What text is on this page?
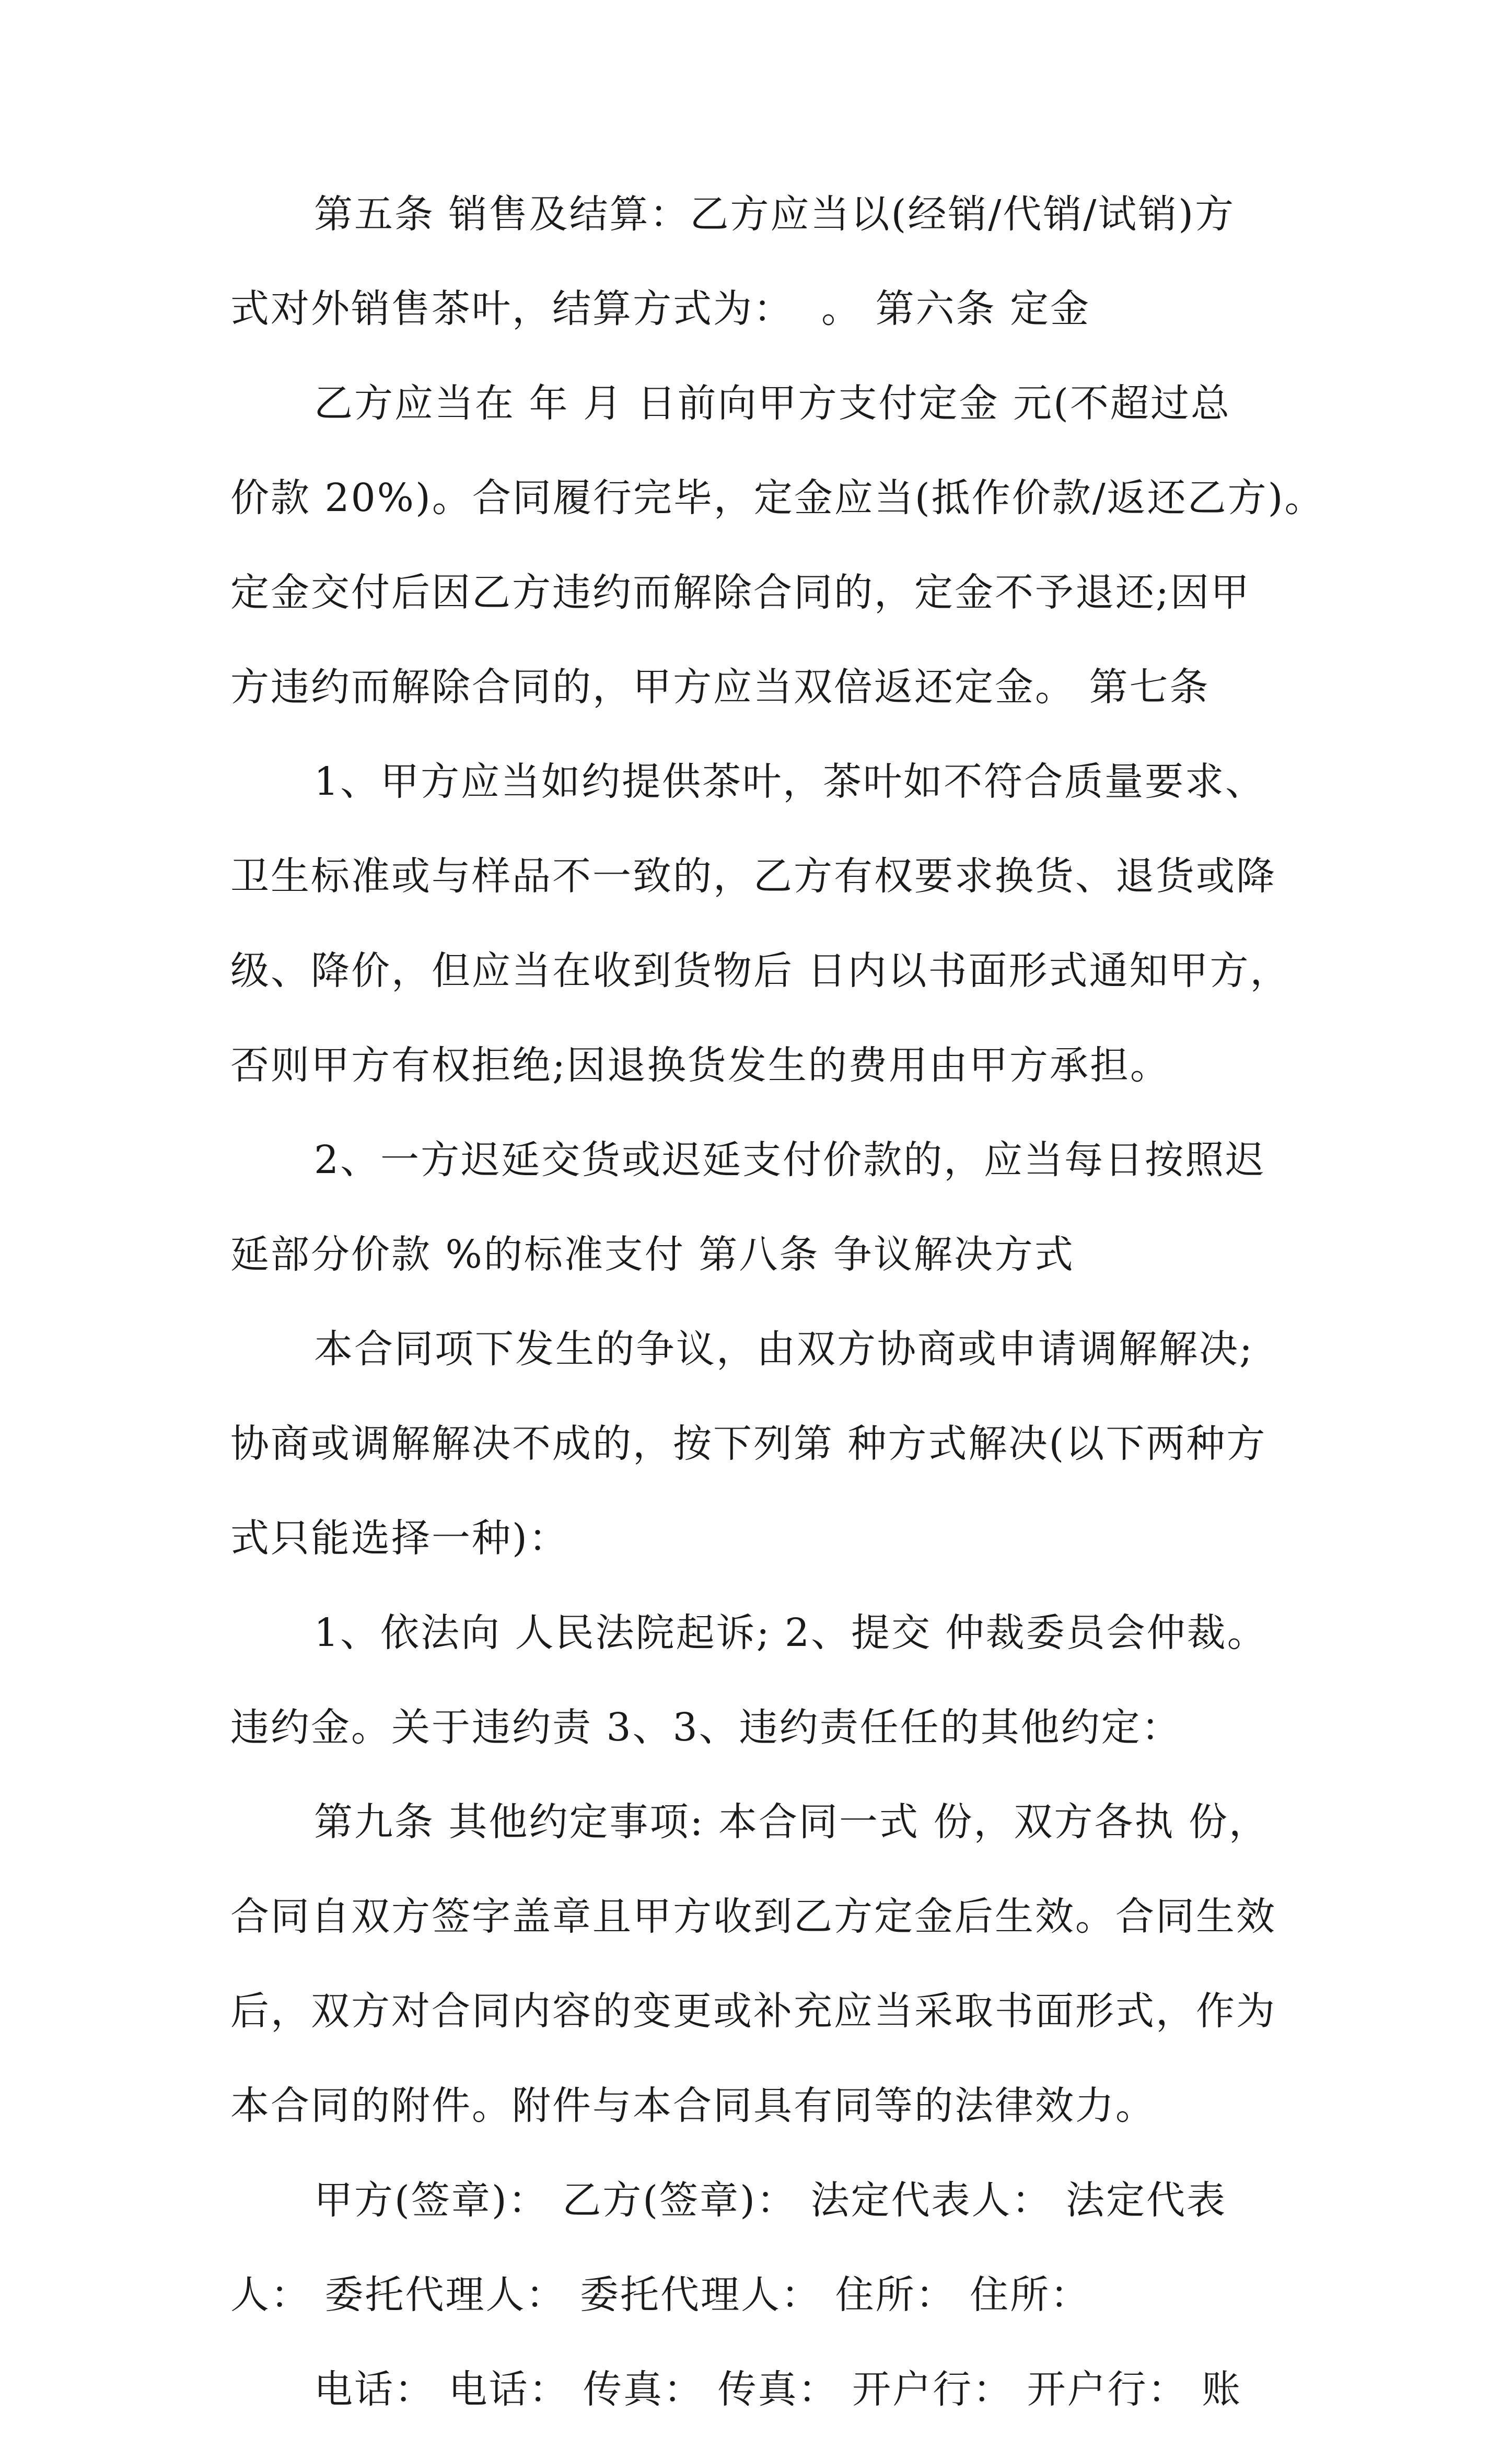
第五条 销售及结算：乙方应当以(经销/代销/试销)方
式对外销售茶叶，结算方式为：  。 第六条 定金
乙方应当在 年 月 日前向甲方支付定金 元(不超过总
价款 20%)。合同履行完毕，定金应当(抵作价款/返还乙方)。
定金交付后因乙方违约而解除合同的，定金不予退还;因甲
方违约而解除合同的，甲方应当双倍返还定金。 第七条
1、甲方应当如约提供茶叶，茶叶如不符合质量要求、
卫生标准或与样品不一致的，乙方有权要求换货、退货或降
级、降价，但应当在收到货物后 日内以书面形式通知甲方，
否则甲方有权拒绝;因退换货发生的费用由甲方承担。
2、一方迟延交货或迟延支付价款的，应当每日按照迟
延部分价款 %的标准支付 第八条 争议解决方式
本合同项下发生的争议，由双方协商或申请调解解决;
协商或调解解决不成的，按下列第 种方式解决(以下两种方
式只能选择一种)：
1、依法向 人民法院起诉; 2、提交 仲裁委员会仲裁。
违约金。关于违约责 3、3、违约责任任的其他约定：
第九条 其他约定事项: 本合同一式 份，双方各执 份，
合同自双方签字盖章且甲方收到乙方定金后生效。合同生效
后，双方对合同内容的变更或补充应当采取书面形式，作为
本合同的附件。附件与本合同具有同等的法律效力。
甲方(签章)： 乙方(签章)： 法定代表人： 法定代表
人： 委托代理人： 委托代理人： 住所： 住所：
电话： 电话： 传真： 传真： 开户行： 开户行： 账
